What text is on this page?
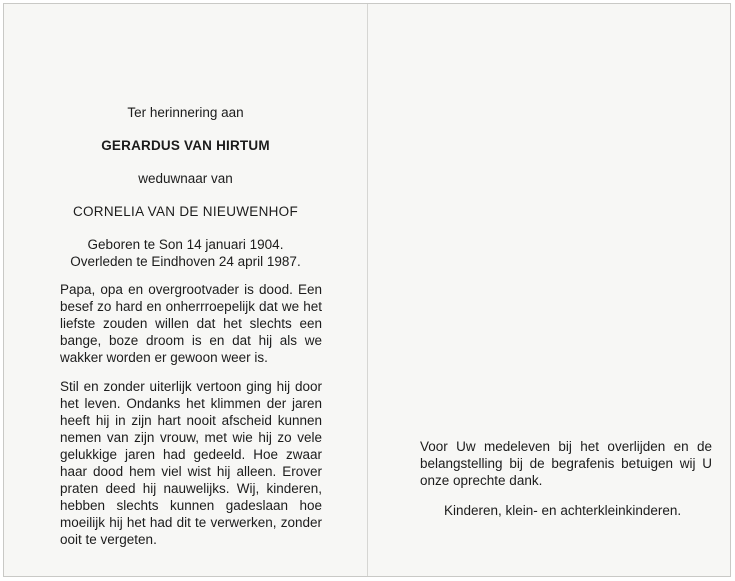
Ter herinnering aan
GERARDUS VAN HIRTUM
weduwnaar van
CORNELIA VAN DE NIEUWENHOF
Geboren te Son 14 januari 1904.
Overleden te Eindhoven 24 april 1987.

Papa, opa en overgrootvader is dood. Een besef zo hard en onherrroepelijk dat we het liefste zouden willen dat het slechts een bange, boze droom is en dat hij als we wakker worden er gewoon weer is.

Stil en zonder uiterlijk vertoon ging hij door het leven. Ondanks het klimmen der jaren heeft hij in zijn hart nooit afscheid kunnen nemen van zijn vrouw, met wie hij zo vele gelukkige jaren had gedeeld. Hoe zwaar haar dood hem viel wist hij alleen. Erover praten deed hij nauwelijks. Wij, kinderen, hebben slechts kunnen gadeslaan hoe moeilijk hij het had dit te verwerken, zonder ooit te vergeten.

Voor Uw medeleven bij het overlijden en de belangstelling bij de begrafenis betuigen wij U onze oprechte dank.

Kinderen, klein- en achterkleinkinderen.
